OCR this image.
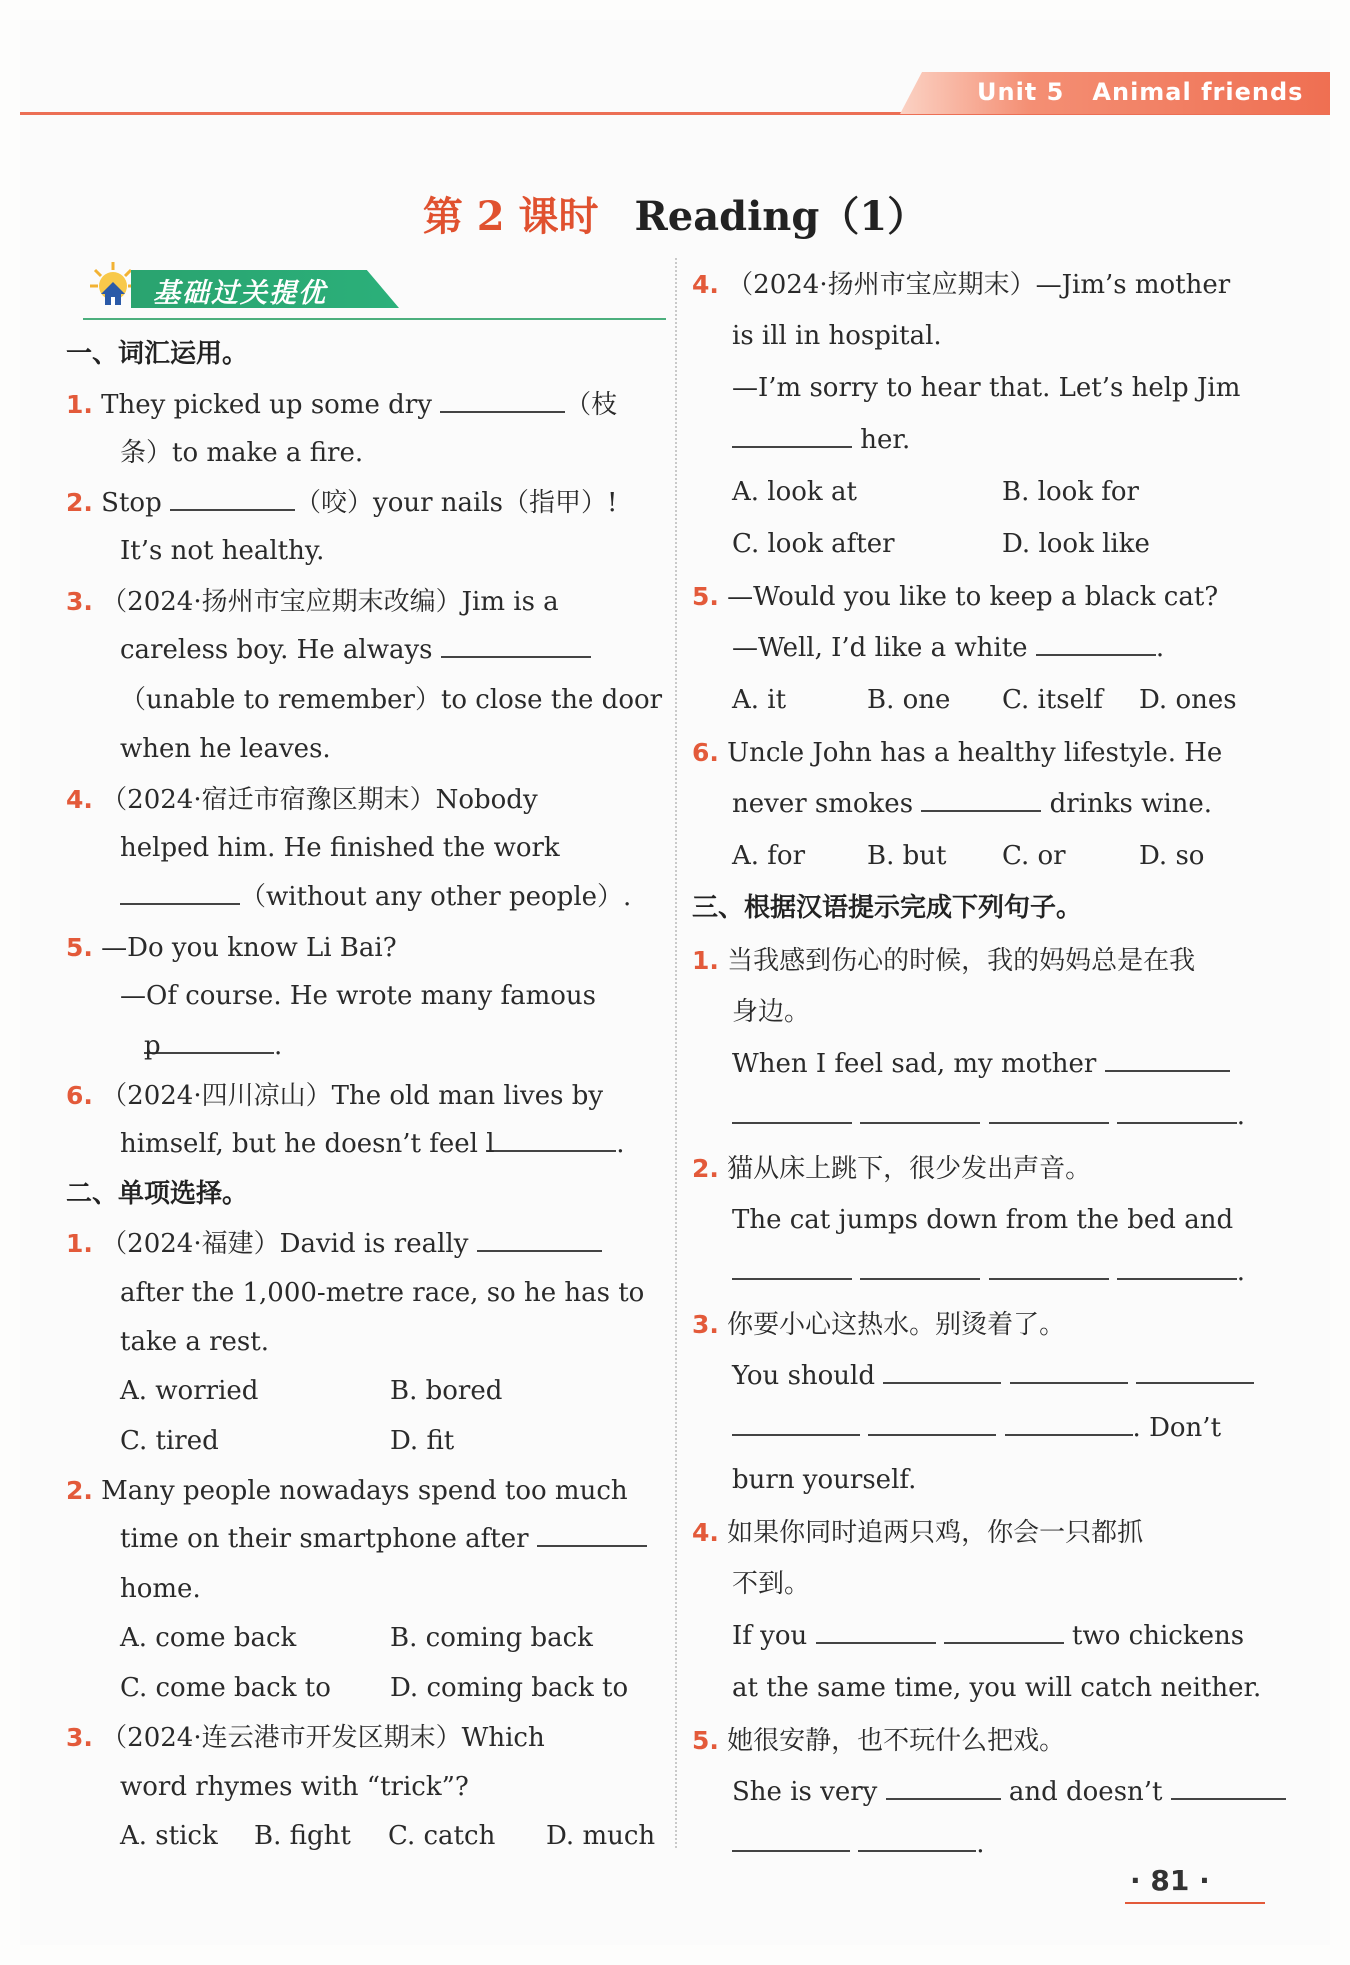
Unit 5 Animal friends
第 2 课时 Reading（1）
基础过关提优
一、词汇运用。
1. They picked up some dry	（枝
条）to make a fire.
2. Stop	（咬）your nails（指甲）!
It’s not healthy.
3. （2024·扬州市宝应期末改编）Jim is a
careless boy. He always
（unable to remember）to close the door
when he leaves.
4. （2024·宿迁市宿豫区期末）Nobody
helped him. He finished the work
（without any other people）.
5. —Do you know Li Bai?
—Of course. He wrote many famous
p	.
6. （2024·四川凉山）The old man lives by
himself, but he doesn’t feel l	.
二、单项选择。
1. （2024·福建）David is really
after the 1,000-metre race, so he has to
take a rest.
A. worried	B. bored
C. tired	D. fit
2. Many people nowadays spend too much
time on their smartphone after
home.
A. come back	B. coming back
C. come back to D. coming back to
3. （2024·连云港市开发区期末）Which
word rhymes with “trick”?
A. stick B. fight C. catch D. much
4. （2024·扬州市宝应期末）—Jim’s mother
is ill in hospital.
—I’m sorry to hear that. Let’s help Jim
her.
A. look at	B. look for
C. look after	D. look like
5. —Would you like to keep a black cat?
—Well, I’d like a white	.
A. it	B. one C. itself D. ones
6. Uncle John has a healthy lifestyle. He
never smokes	drinks wine.
A. for B. but C. or	D. so
三、根据汉语提示完成下列句子。
1. 当我感到伤心的时候，我的妈妈总是在我
身边。
When I feel sad, my mother
.
2. 猫从床上跳下，很少发出声音。
The cat jumps down from the bed and
.
3. 你要小心这热水。别烫着了。
You should
. Don’t
burn yourself.
4. 如果你同时追两只鸡，你会一只都抓
不到。
If you	two chickens
at the same time, you will catch neither.
5. 她很安静，也不玩什么把戏。
She is very	and doesn’t
.
· 81 ·
